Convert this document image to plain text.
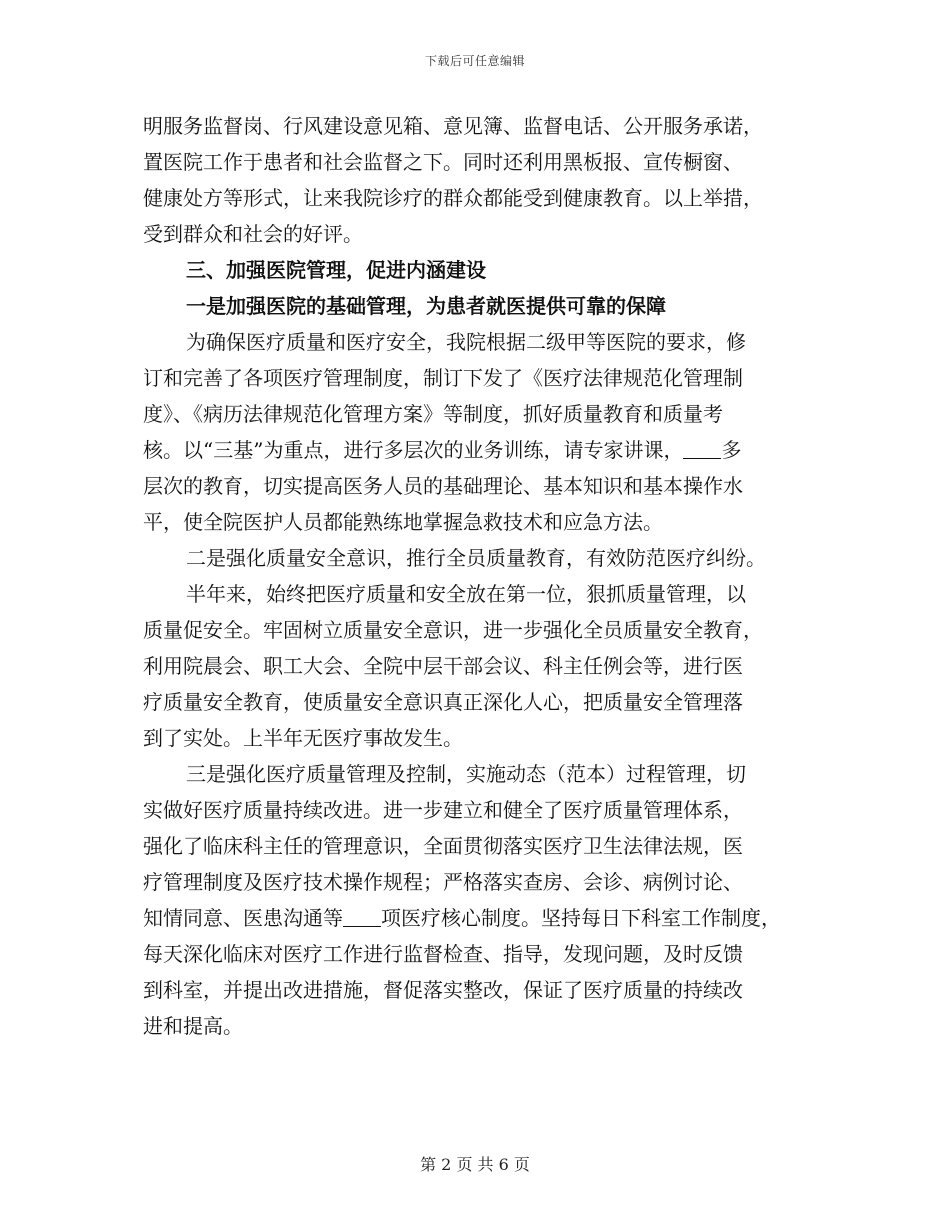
下载后可任意编辑
明服务监督岗、行风建设意见箱、意见簿、监督电话、公开服务承诺，
置医院工作于患者和社会监督之下。同时还利用黑板报、宣传橱窗、
健康处方等形式，让来我院诊疗的群众都能受到健康教育。以上举措，
受到群众和社会的好评。
三、加强医院管理，促进内涵建设
一是加强医院的基础管理，为患者就医提供可靠的保障
为确保医疗质量和医疗安全，我院根据二级甲等医院的要求，修
订和完善了各项医疗管理制度，制订下发了《医疗法律规范化管理制
度》、《病历法律规范化管理方案》等制度，抓好质量教育和质量考
核。以“三基”为重点，进行多层次的业务训练，请专家讲课， 多
层次的教育，切实提高医务人员的基础理论、基本知识和基本操作水
平，使全院医护人员都能熟练地掌握急救技术和应急方法。
二是强化质量安全意识，推行全员质量教育，有效防范医疗纠纷。
半年来，始终把医疗质量和安全放在第一位，狠抓质量管理，以
质量促安全。牢固树立质量安全意识，进一步强化全员质量安全教育，
利用院晨会、职工大会、全院中层干部会议、科主任例会等，进行医
疗质量安全教育，使质量安全意识真正深化人心，把质量安全管理落
到了实处。上半年无医疗事故发生。
三是强化医疗质量管理及控制，实施动态（范本）过程管理，切
实做好医疗质量持续改进。进一步建立和健全了医疗质量管理体系，
强化了临床科主任的管理意识，全面贯彻落实医疗卫生法律法规，医
疗管理制度及医疗技术操作规程；严格落实查房、会诊、病例讨论、
知情同意、医患沟通等 项医疗核心制度。坚持每日下科室工作制度，
每天深化临床对医疗工作进行监督检查、指导，发现问题，及时反馈
到科室，并提出改进措施，督促落实整改，保证了医疗质量的持续改
进和提高。
第 2 页 共 6 页
